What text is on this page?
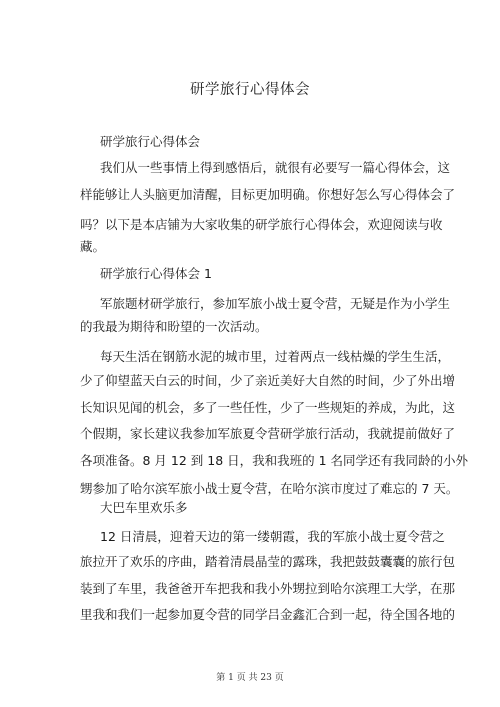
研学旅行心得体会
研学旅行心得体会
我们从一些事情上得到感悟后，就很有必要写一篇心得体会，这
样能够让人头脑更加清醒，目标更加明确。你想好怎么写心得体会了
吗？以下是本店铺为大家收集的研学旅行心得体会，欢迎阅读与收
藏。
研学旅行心得体会 1
军旅题材研学旅行，参加军旅小战士夏令营，无疑是作为小学生
的我最为期待和盼望的一次活动。
每天生活在钢筋水泥的城市里，过着两点一线枯燥的学生生活，
少了仰望蓝天白云的时间，少了亲近美好大自然的时间，少了外出增
长知识见闻的机会，多了一些任性，少了一些规矩的养成，为此，这
个假期，家长建议我参加军旅夏令营研学旅行活动，我就提前做好了
各项准备。8 月 12 到 18 日，我和我班的 1 名同学还有我同龄的小外
甥参加了哈尔滨军旅小战士夏令营，在哈尔滨市度过了难忘的 7 天。
大巴车里欢乐多
12 日清晨，迎着天边的第一缕朝霞，我的军旅小战士夏令营之
旅拉开了欢乐的序曲，踏着清晨晶莹的露珠，我把鼓鼓囊囊的旅行包
装到了车里，我爸爸开车把我和我小外甥拉到哈尔滨理工大学，在那
里我和我们一起参加夏令营的同学吕金鑫汇合到一起，待全国各地的
第 1 页 共 23 页
